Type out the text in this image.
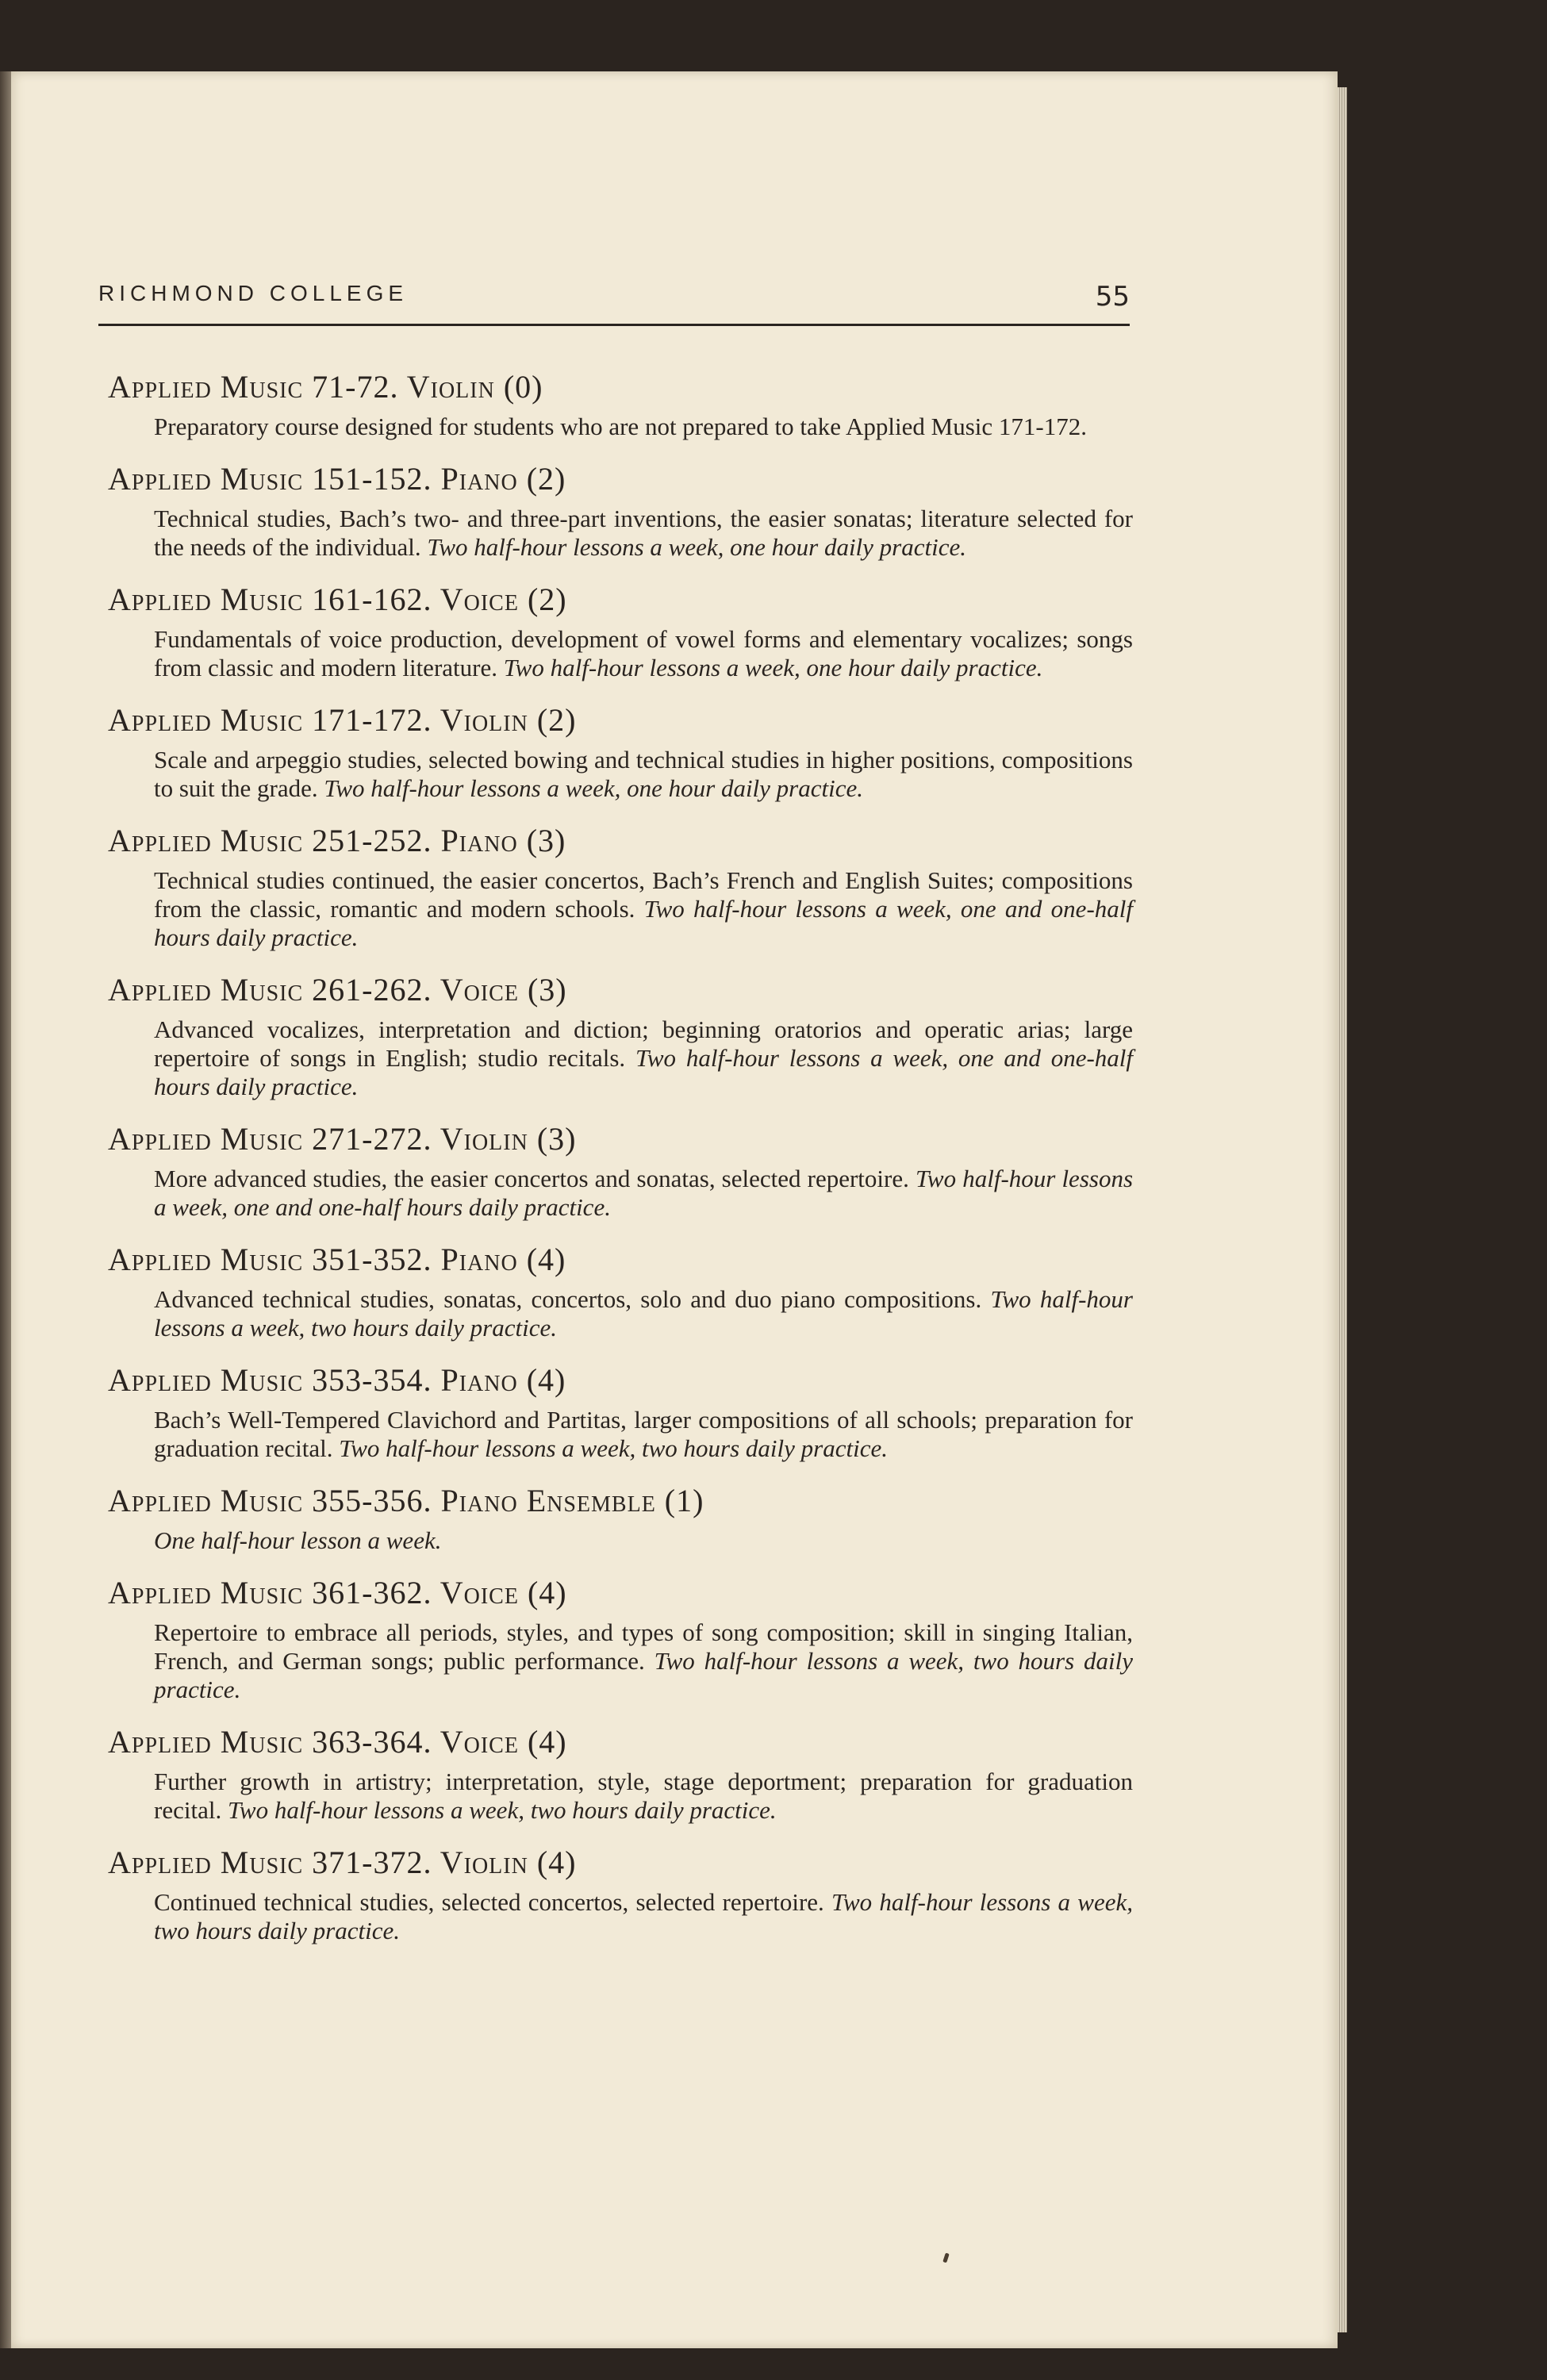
RICHMOND COLLEGE	55
Applied Music 71-72. Violin (0)
Preparatory course designed for students who are not prepared to take Applied Music 171-172.
Applied Music 151-152. Piano (2)
Technical studies, Bach’s two- and three-part inventions, the easier sonatas; literature selected for the needs of the individual. Two half-hour lessons a week, one hour daily practice.
Applied Music 161-162. Voice (2)
Fundamentals of voice production, development of vowel forms and elementary vocalizes; songs from classic and modern literature. Two half-hour lessons a week, one hour daily practice.
Applied Music 171-172. Violin (2)
Scale and arpeggio studies, selected bowing and technical studies in higher positions, compositions to suit the grade. Two half-hour lessons a week, one hour daily practice.
Applied Music 251-252. Piano (3)
Technical studies continued, the easier concertos, Bach’s French and English Suites; compositions from the classic, romantic and modern schools. Two half-hour lessons a week, one and one-half hours daily practice.
Applied Music 261-262. Voice (3)
Advanced vocalizes, interpretation and diction; beginning oratorios and operatic arias; large repertoire of songs in English; studio recitals. Two half-hour lessons a week, one and one-half hours daily practice.
Applied Music 271-272. Violin (3)
More advanced studies, the easier concertos and sonatas, selected repertoire. Two half-hour lessons a week, one and one-half hours daily practice.
Applied Music 351-352. Piano (4)
Advanced technical studies, sonatas, concertos, solo and duo piano compositions. Two half-hour lessons a week, two hours daily practice.
Applied Music 353-354. Piano (4)
Bach’s Well-Tempered Clavichord and Partitas, larger compositions of all schools; preparation for graduation recital. Two half-hour lessons a week, two hours daily practice.
Applied Music 355-356. Piano Ensemble (1)
One half-hour lesson a week.
Applied Music 361-362. Voice (4)
Repertoire to embrace all periods, styles, and types of song composition; skill in singing Italian, French, and German songs; public performance. Two half-hour lessons a week, two hours daily practice.
Applied Music 363-364. Voice (4)
Further growth in artistry; interpretation, style, stage deportment; preparation for graduation recital. Two half-hour lessons a week, two hours daily practice.
Applied Music 371-372. Violin (4)
Continued technical studies, selected concertos, selected repertoire. Two half-hour lessons a week, two hours daily practice.
